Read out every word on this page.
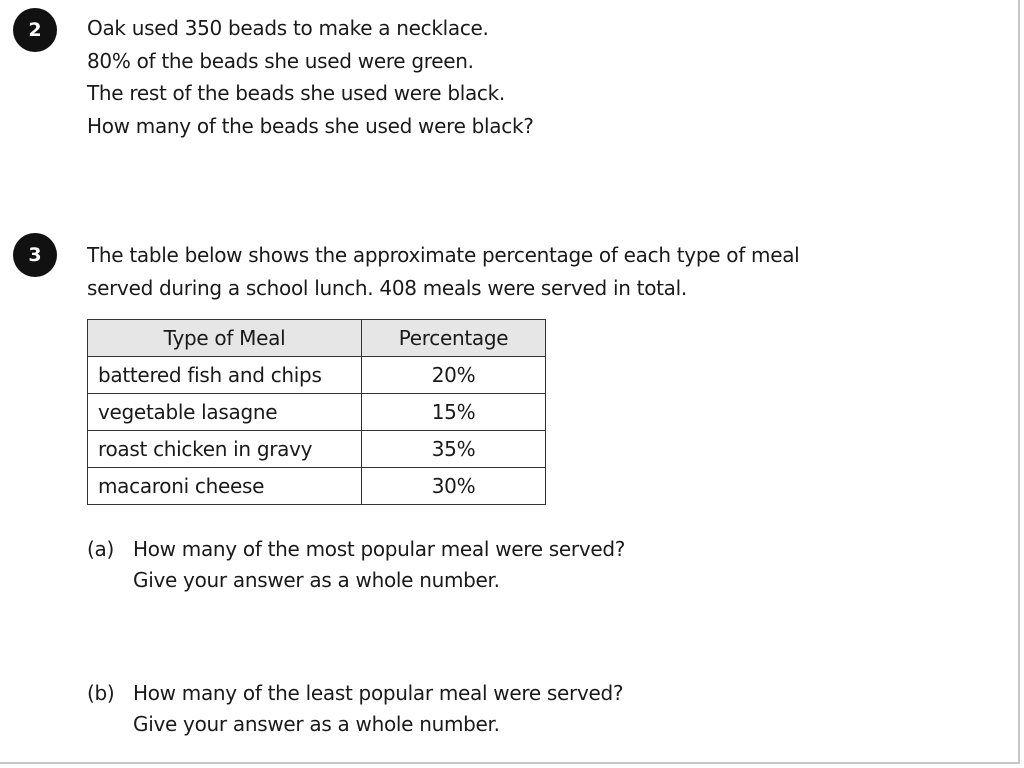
2	Oak used 350 beads to make a necklace.
80% of the beads she used were green.
The rest of the beads she used were black.
How many of the beads she used were black?
3	The table below shows the approximate percentage of each type of meal
served during a school lunch. 408 meals were served in total.
Type of Meal	Percentage
battered fish and chips	20%
vegetable lasagne	15%
roast chicken in gravy	35%
macaroni cheese	30%
(a) How many of the most popular meal were served?
Give your answer as a whole number.
(b) How many of the least popular meal were served?
Give your answer as a whole number.
